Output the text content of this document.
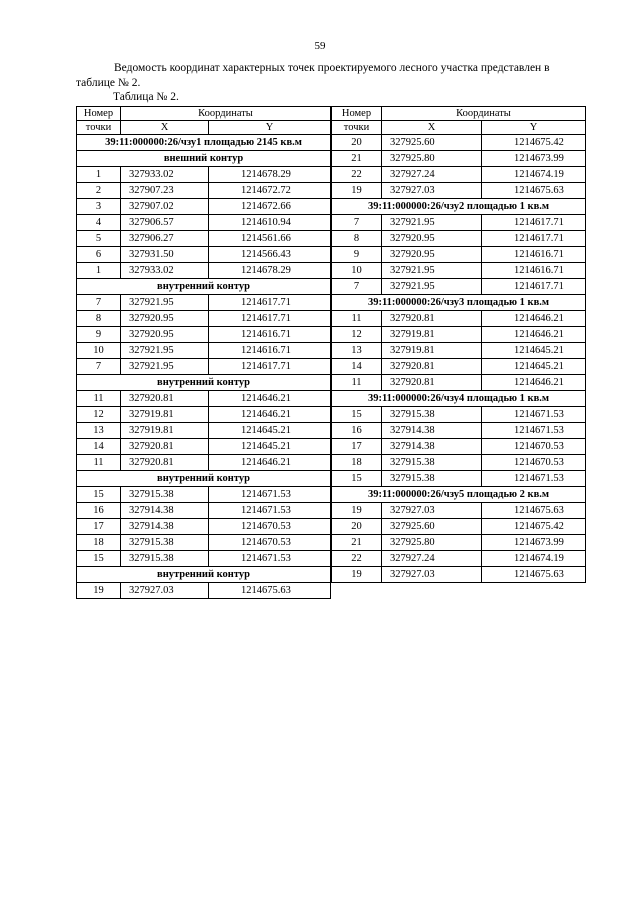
59
Ведомость координат характерных точек проектируемого лесного участка представлен в таблице № 2.
Таблица № 2.
Номер	Координаты	
точки	X	Y
39:11:000000:26/чзу1 площадью 2145 кв.м		
внешний контур		
1	327933.02	1214678.29
2	327907.23	1214672.72
3	327907.02	1214672.66
4	327906.57	1214610.94
5	327906.27	1214561.66
6	327931.50	1214566.43
1	327933.02	1214678.29
внутренний контур		
7	327921.95	1214617.71
8	327920.95	1214617.71
9	327920.95	1214616.71
10	327921.95	1214616.71
7	327921.95	1214617.71
внутренний контур		
11	327920.81	1214646.21
12	327919.81	1214646.21
13	327919.81	1214645.21
14	327920.81	1214645.21
11	327920.81	1214646.21
внутренний контур		
15	327915.38	1214671.53
16	327914.38	1214671.53
17	327914.38	1214670.53
18	327915.38	1214670.53
15	327915.38	1214671.53
внутренний контур		
19	327927.03	1214675.63
Номер	Координаты	
точки	X	Y
20	327925.60	1214675.42
21	327925.80	1214673.99
22	327927.24	1214674.19
19	327927.03	1214675.63
39:11:000000:26/чзу2 площадью 1 кв.м		
7	327921.95	1214617.71
8	327920.95	1214617.71
9	327920.95	1214616.71
10	327921.95	1214616.71
7	327921.95	1214617.71
39:11:000000:26/чзу3 площадью 1 кв.м		
11	327920.81	1214646.21
12	327919.81	1214646.21
13	327919.81	1214645.21
14	327920.81	1214645.21
11	327920.81	1214646.21
39:11:000000:26/чзу4 площадью 1 кв.м		
15	327915.38	1214671.53
16	327914.38	1214671.53
17	327914.38	1214670.53
18	327915.38	1214670.53
15	327915.38	1214671.53
39:11:000000:26/чзу5 площадью 2 кв.м		
19	327927.03	1214675.63
20	327925.60	1214675.42
21	327925.80	1214673.99
22	327927.24	1214674.19
19	327927.03	1214675.63
